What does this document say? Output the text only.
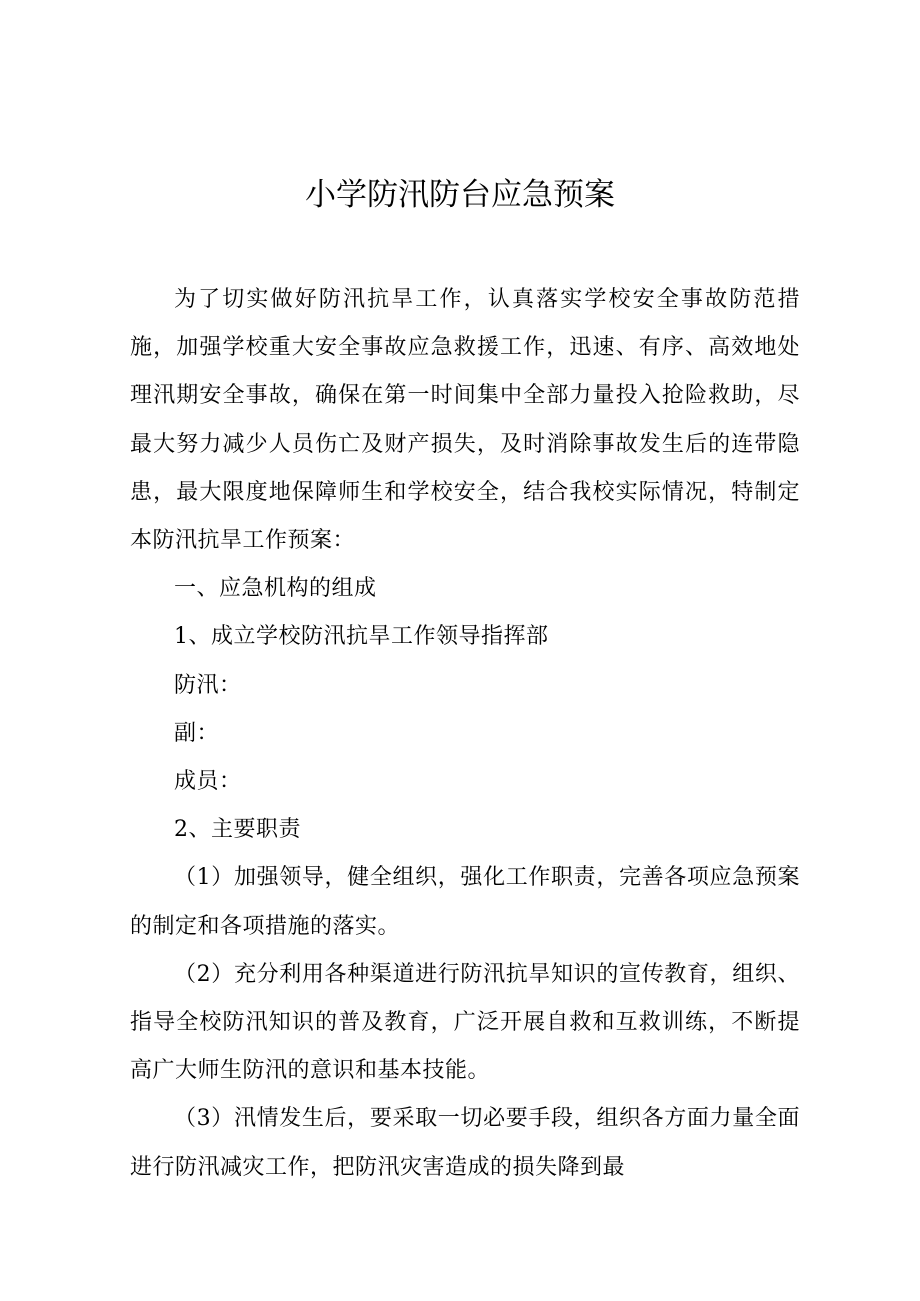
小学防汛防台应急预案

为了切实做好防汛抗旱工作，认真落实学校安全事故防范措施，加强学校重大安全事故应急救援工作，迅速、有序、高效地处理汛期安全事故，确保在第一时间集中全部力量投入抢险救助，尽最大努力减少人员伤亡及财产损失，及时消除事故发生后的连带隐患，最大限度地保障师生和学校安全，结合我校实际情况，特制定本防汛抗旱工作预案：

一、应急机构的组成

1、成立学校防汛抗旱工作领导指挥部

防汛：

副：

成员：

2、主要职责

（1）加强领导，健全组织，强化工作职责，完善各项应急预案的制定和各项措施的落实。

（2）充分利用各种渠道进行防汛抗旱知识的宣传教育，组织、指导全校防汛知识的普及教育，广泛开展自救和互救训练，不断提高广大师生防汛的意识和基本技能。

（3）汛情发生后，要采取一切必要手段，组织各方面力量全面进行防汛减灾工作，把防汛灾害造成的损失降到最
